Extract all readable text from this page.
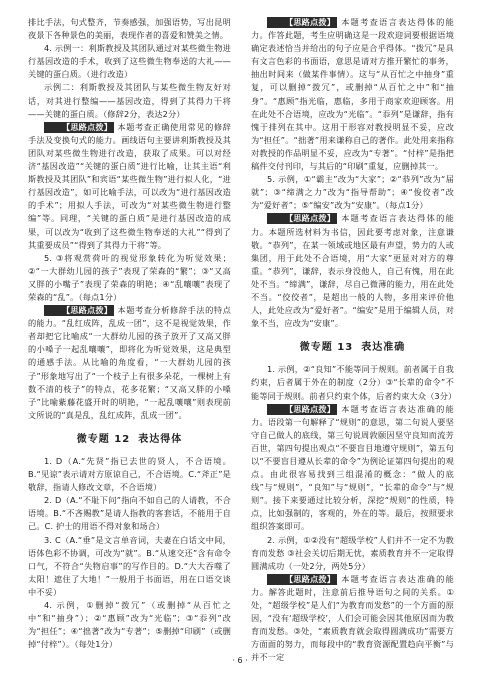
排比手法，句式整齐，节奏感强，加强语势，写出昆明夜景下各种景色的美丽，表现作者的喜爱和赞美之情。

4. 示例一：利斯教授及其团队通过对某些微生物进行基因改造的手术，收到了这些微生物奉送的大礼——关键的蛋白质。（进行改造）

示例二：利斯教授及其团队与某些微生物友好对话，对其进行整编——基因改造，得到了其得力干将——关键的蛋白质。（修辞2分，表达2分）

【思路点拨】 本题考查正确使用常见的修辞手法及变换句式的能力。画线语句主要讲利斯教授及其团队对某些微生物进行改造，获取了成果。可以对经济“基因改造”“关键的蛋白质”进行比喻，让其主语“利斯教授及其团队”和宾语“某些微生物”进行拟人化，“进行基因改造”，如可比喻手法，可以改为“进行基因改造的手术”；用拟人手法，可改为“对某些微生物进行整编”等。同理，“关键的蛋白质”是进行基因改造的成果，可以改为“收到了这些微生物奉送的大礼”“得到了其重要成员”“得到了其得力干将”等。

5. ③将观赏荷叶的视觉形象转化为听觉效果；②“一大群幼儿园的孩子”表现了荣森的“繁”；③“又高又胖的小嘴子”表现了荣森的明艳；④“乱嚷嚷”表现了荣森的“乱”。（每点1分）

【思路点拨】 本题考查分析修辞手法的特点的能力。“乱红成阵，乱成一团”，这不是视觉效果，作者却把它比喻成“一大群幼儿园的孩子放开了又高又胖的小嗓子一起乱嚷嚷”，即将化为听觉效果，这是典型的通感手法。从比喻的角度看，“一大群幼儿园的孩子”形象地写出了“一个枝子上有很多朵花，一棵树上有数不清的枝子”的特点，花多花繁；“又高又胖的小嗓子”比喻紫藤花盛开时的明艳，“一起乱嚷嚷”则表现前文所说的“真是乱，乱红成阵，乱成一团”。

微专题 12 表达得体

1. D（A.“先贤”指已去世的贤人，不合语境。B.“见谅”表示请对方原谅自己，不合语境。C.“斧正”是敬辞，指请人修改文章，不合语境）

2. D（A.“不耻下问”指向不如自己的人请教，不合语境。B.“不吝赐教”是请人指教的客套话，不能用于自己。C. 护士的用语不得对象和场合）

3. C（A.“垂”是文言单音词，夫妻在白话文中间，语体色彩不协调，可改为“就”。B.“从速交还”含有命令口气，不符合“失物启事”的写作目的。D.“大大吞噬了太阳！遮住了大地！”一般用于书面语，用在口语交谈中不妥）

4. 示例，①删掉“拨冗”（或删掉“从百忙之中”和“抽身”）；②“惠顾”改为“光临”；③“忝列”改为“担任”；④“拙著”改为“专著”；⑤删掉“印刷”（或删掉“付梓”）。（每处1分）

【思路点拨】 本题考查语言表达得体的能力。作答此题，考生应明确这是一段欢迎词要根据语境确定表述恰当并给出的句子应是合乎得体。“拨冗”是具有文言色彩的书面语，意思是请对方推开繁忙的事务，抽出时间来（做某件事情）。这与“从百忙之中抽身”重复，可以删掉“拨冗”，或删掉“从百忙之中”和“抽身”。“惠顾”指光临，惠临，多用于商家欢迎顾客。用在此处不合语境，应改为“光临”。“忝列”是谦辞，指有愧于排列在其中。这用于形容对教授明显不妥，应改为“担任”。“拙著”用来谦称自己的著作。此处用来指称对教授的作品明显不妥，应改为“专著”。“付梓”是指把稿件交付刊印，与其后的“印刷”重复，应删掉其一。

5. 示例，①“霸主”改为“大家”；②“恭列”改为“届就”；③“缔满之力”改为“指导帮助”；④“俊佼者”改为“爱好者”；⑤“编安”改为“安康”。（每点1分）

【思路点拨】 本题考查语言表达得体的能力。本题所选材料为书信，因此要考虑对象，注意谦敬。“恭列”，在某一领域或地区最有声望，势力的人或集团，用于此处不合语境，用“大家”更显对对方的尊重。“恭列”，谦辞，表示身没他人，自己有愧，用在此处不当。“缔满”，谦辞，尽自己微薄的能力，用在此处不当。“佼佼者”，是超出一般的人物，多用来评价他人，此处应改为“爱好者”。“编安”是用于编辑人员，对象不当，应改为“安康”。

微专题 13 表达准确

1. 示例，②“良知”不能等同于规则。前者属于自我约束，后者属于外在的制度（2分）③“长辈的命令”不能等同于规则。前者只约束个体，后者约束大众（3分）

【思路点拨】 本题考查语言表达准确的能力。语段第一句解释了“规则”的意思，第二句说人要坚守自己做人的底线，第三句说周敦颐因坚守良知而流芳百世，第四句提出观点“不要盲目地遵守规则”，第五句以“不要盲目遵从长辈的命令”为例论证第四句提出的观点。由此很容易找到三组混淆的概念：“做人的底线”与“规则”，“良知”与“规则”，“长辈的命令”与“规则”。接下来要通过比较分析，深挖“规则”的性质，特点，比如强制的，客观的，外在的等。最后，按照要求组织答案即可。

2. 示例，①②没有“超级学校”人们并不一定不为教育而发愁 ③社会关切后期无忧，素质教育并不一定取得圆满成功（一处2分，两处5分）

【思路点拨】 本题考查语言表达准确的能力。解答此题时，注意前后推导语句之间的关系。①处，“超级学校”是人们“为教育而发愁”的一个方面的原因，“没有‘超级学校’，人们会可能会因其他原因而为教育而发愁。③处，“素质教育就会取得圆满成功”需要方方面面的努力，而每段中的“教育资源配置趋向平衡”与并不一定

· 6 ·
